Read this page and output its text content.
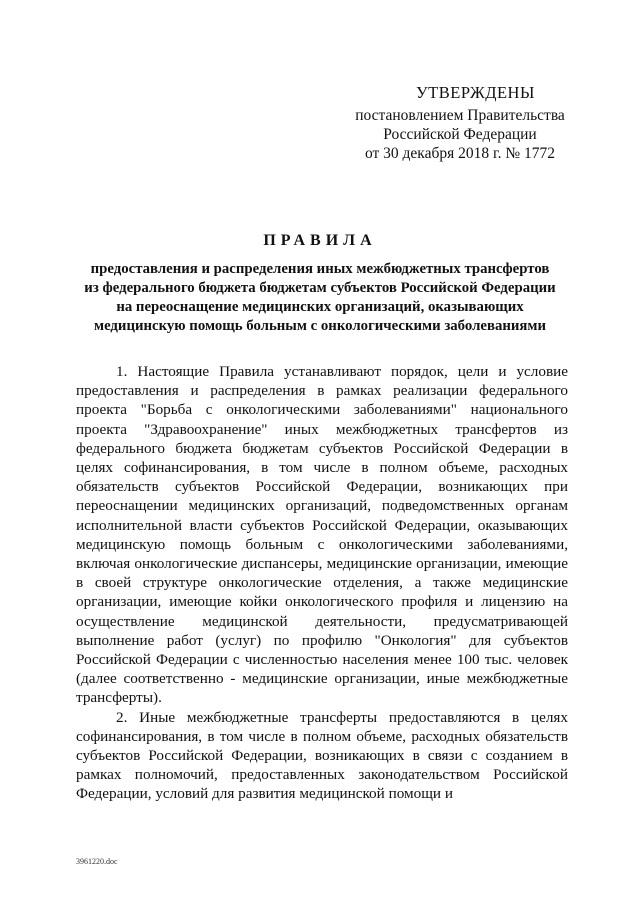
УТВЕРЖДЕНЫ
постановлением Правительства
Российской Федерации
от 30 декабря 2018 г. № 1772
ПРАВИЛА
предоставления и распределения иных межбюджетных трансфертов
из федерального бюджета бюджетам субъектов Российской Федерации
на переоснащение медицинских организаций, оказывающих
медицинскую помощь больным с онкологическими заболеваниями

1. Настоящие Правила устанавливают порядок, цели и условие предоставления и распределения в рамках реализации федерального проекта "Борьба с онкологическими заболеваниями" национального проекта "Здравоохранение" иных межбюджетных трансфертов из федерального бюджета бюджетам субъектов Российской Федерации в целях софинансирования, в том числе в полном объеме, расходных обязательств субъектов Российской Федерации, возникающих при переоснащении медицинских организаций, подведомственных органам исполнительной власти субъектов Российской Федерации, оказывающих медицинскую помощь больным с онкологическими заболеваниями, включая онкологические диспансеры, медицинские организации, имеющие в своей структуре онкологические отделения, а также медицинские организации, имеющие койки онкологического профиля и лицензию на осуществление медицинской деятельности, предусматривающей выполнение работ (услуг) по профилю "Онкология" для субъектов Российской Федерации с численностью населения менее 100 тыс. человек (далее соответственно - медицинские организации, иные межбюджетные трансферты).

2. Иные межбюджетные трансферты предоставляются в целях софинансирования, в том числе в полном объеме, расходных обязательств субъектов Российской Федерации, возникающих в связи с созданием в рамках полномочий, предоставленных законодательством Российской Федерации, условий для развития медицинской помощи и

3961220.doc
